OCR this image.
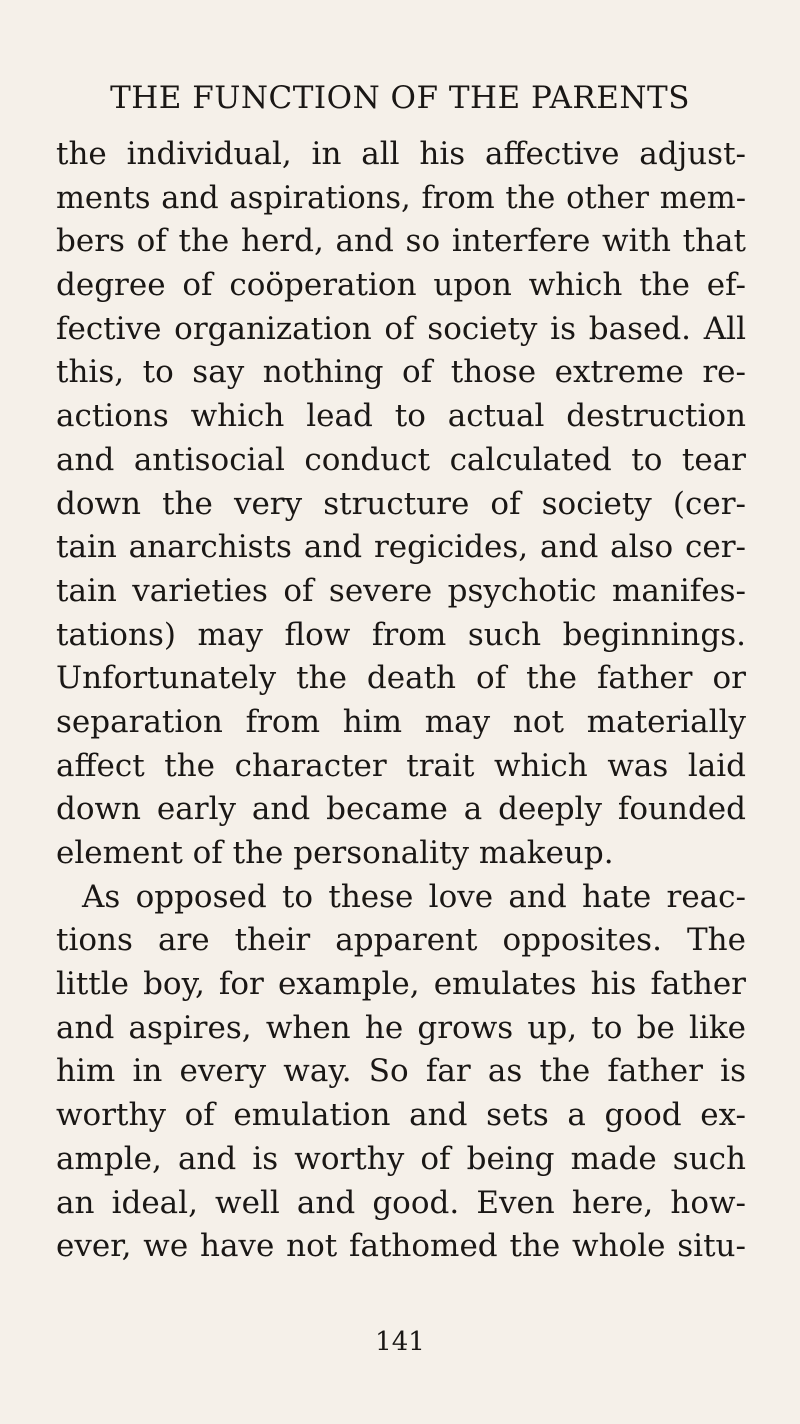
THE FUNCTION OF THE PARENTS
the individual, in all his affective adjust-
ments and aspirations, from the other mem-
bers of the herd, and so interfere with that
degree of coöperation upon which the ef-
fective organization of society is based. All
this, to say nothing of those extreme re-
actions which lead to actual destruction
and antisocial conduct calculated to tear
down the very structure of society (cer-
tain anarchists and regicides, and also cer-
tain varieties of severe psychotic manifes-
tations) may flow from such beginnings.
Unfortunately the death of the father or
separation from him may not materially
affect the character trait which was laid
down early and became a deeply founded
element of the personality makeup.
As opposed to these love and hate reac-
tions are their apparent opposites. The
little boy, for example, emulates his father
and aspires, when he grows up, to be like
him in every way. So far as the father is
worthy of emulation and sets a good ex-
ample, and is worthy of being made such
an ideal, well and good. Even here, how-
ever, we have not fathomed the whole situ-
141
